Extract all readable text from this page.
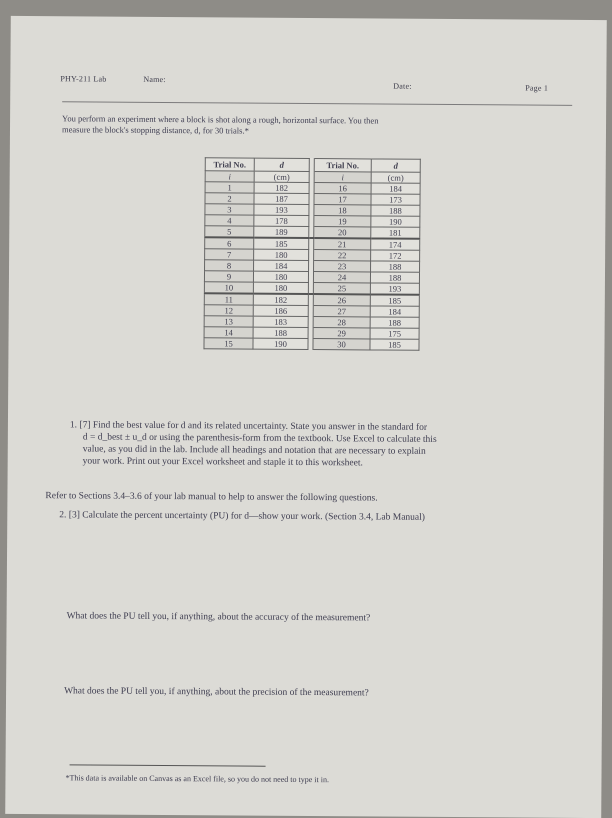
PHY-211 Lab	Name:
Date:	Page 1
You perform an experiment where a block is shot along a rough, horizontal surface. You then
measure the block's stopping distance, d, for 30 trials.*
Trial No.	d		Trial No.	d
i	(cm)		i	(cm)
1	182		16	184
2	187		17	173
3	193		18	188
4	178		19	190
5	189		20	181
6	185		21	174
7	180		22	172
8	184		23	188
9	180		24	188
10	180		25	193
11	182		26	185
12	186		27	184
13	183		28	188
14	188		29	175
15	190		30	185
1. [7] Find the best value for d and its related uncertainty. State you answer in the standard for
d = d_best ± u_d or using the parenthesis-form from the textbook. Use Excel to calculate this
value, as you did in the lab. Include all headings and notation that are necessary to explain
your work. Print out your Excel worksheet and staple it to this worksheet.
Refer to Sections 3.4–3.6 of your lab manual to help to answer the following questions.
2. [3] Calculate the percent uncertainty (PU) for d—show your work. (Section 3.4, Lab Manual)
What does the PU tell you, if anything, about the accuracy of the measurement?
What does the PU tell you, if anything, about the precision of the measurement?
*This data is available on Canvas as an Excel file, so you do not need to type it in.
